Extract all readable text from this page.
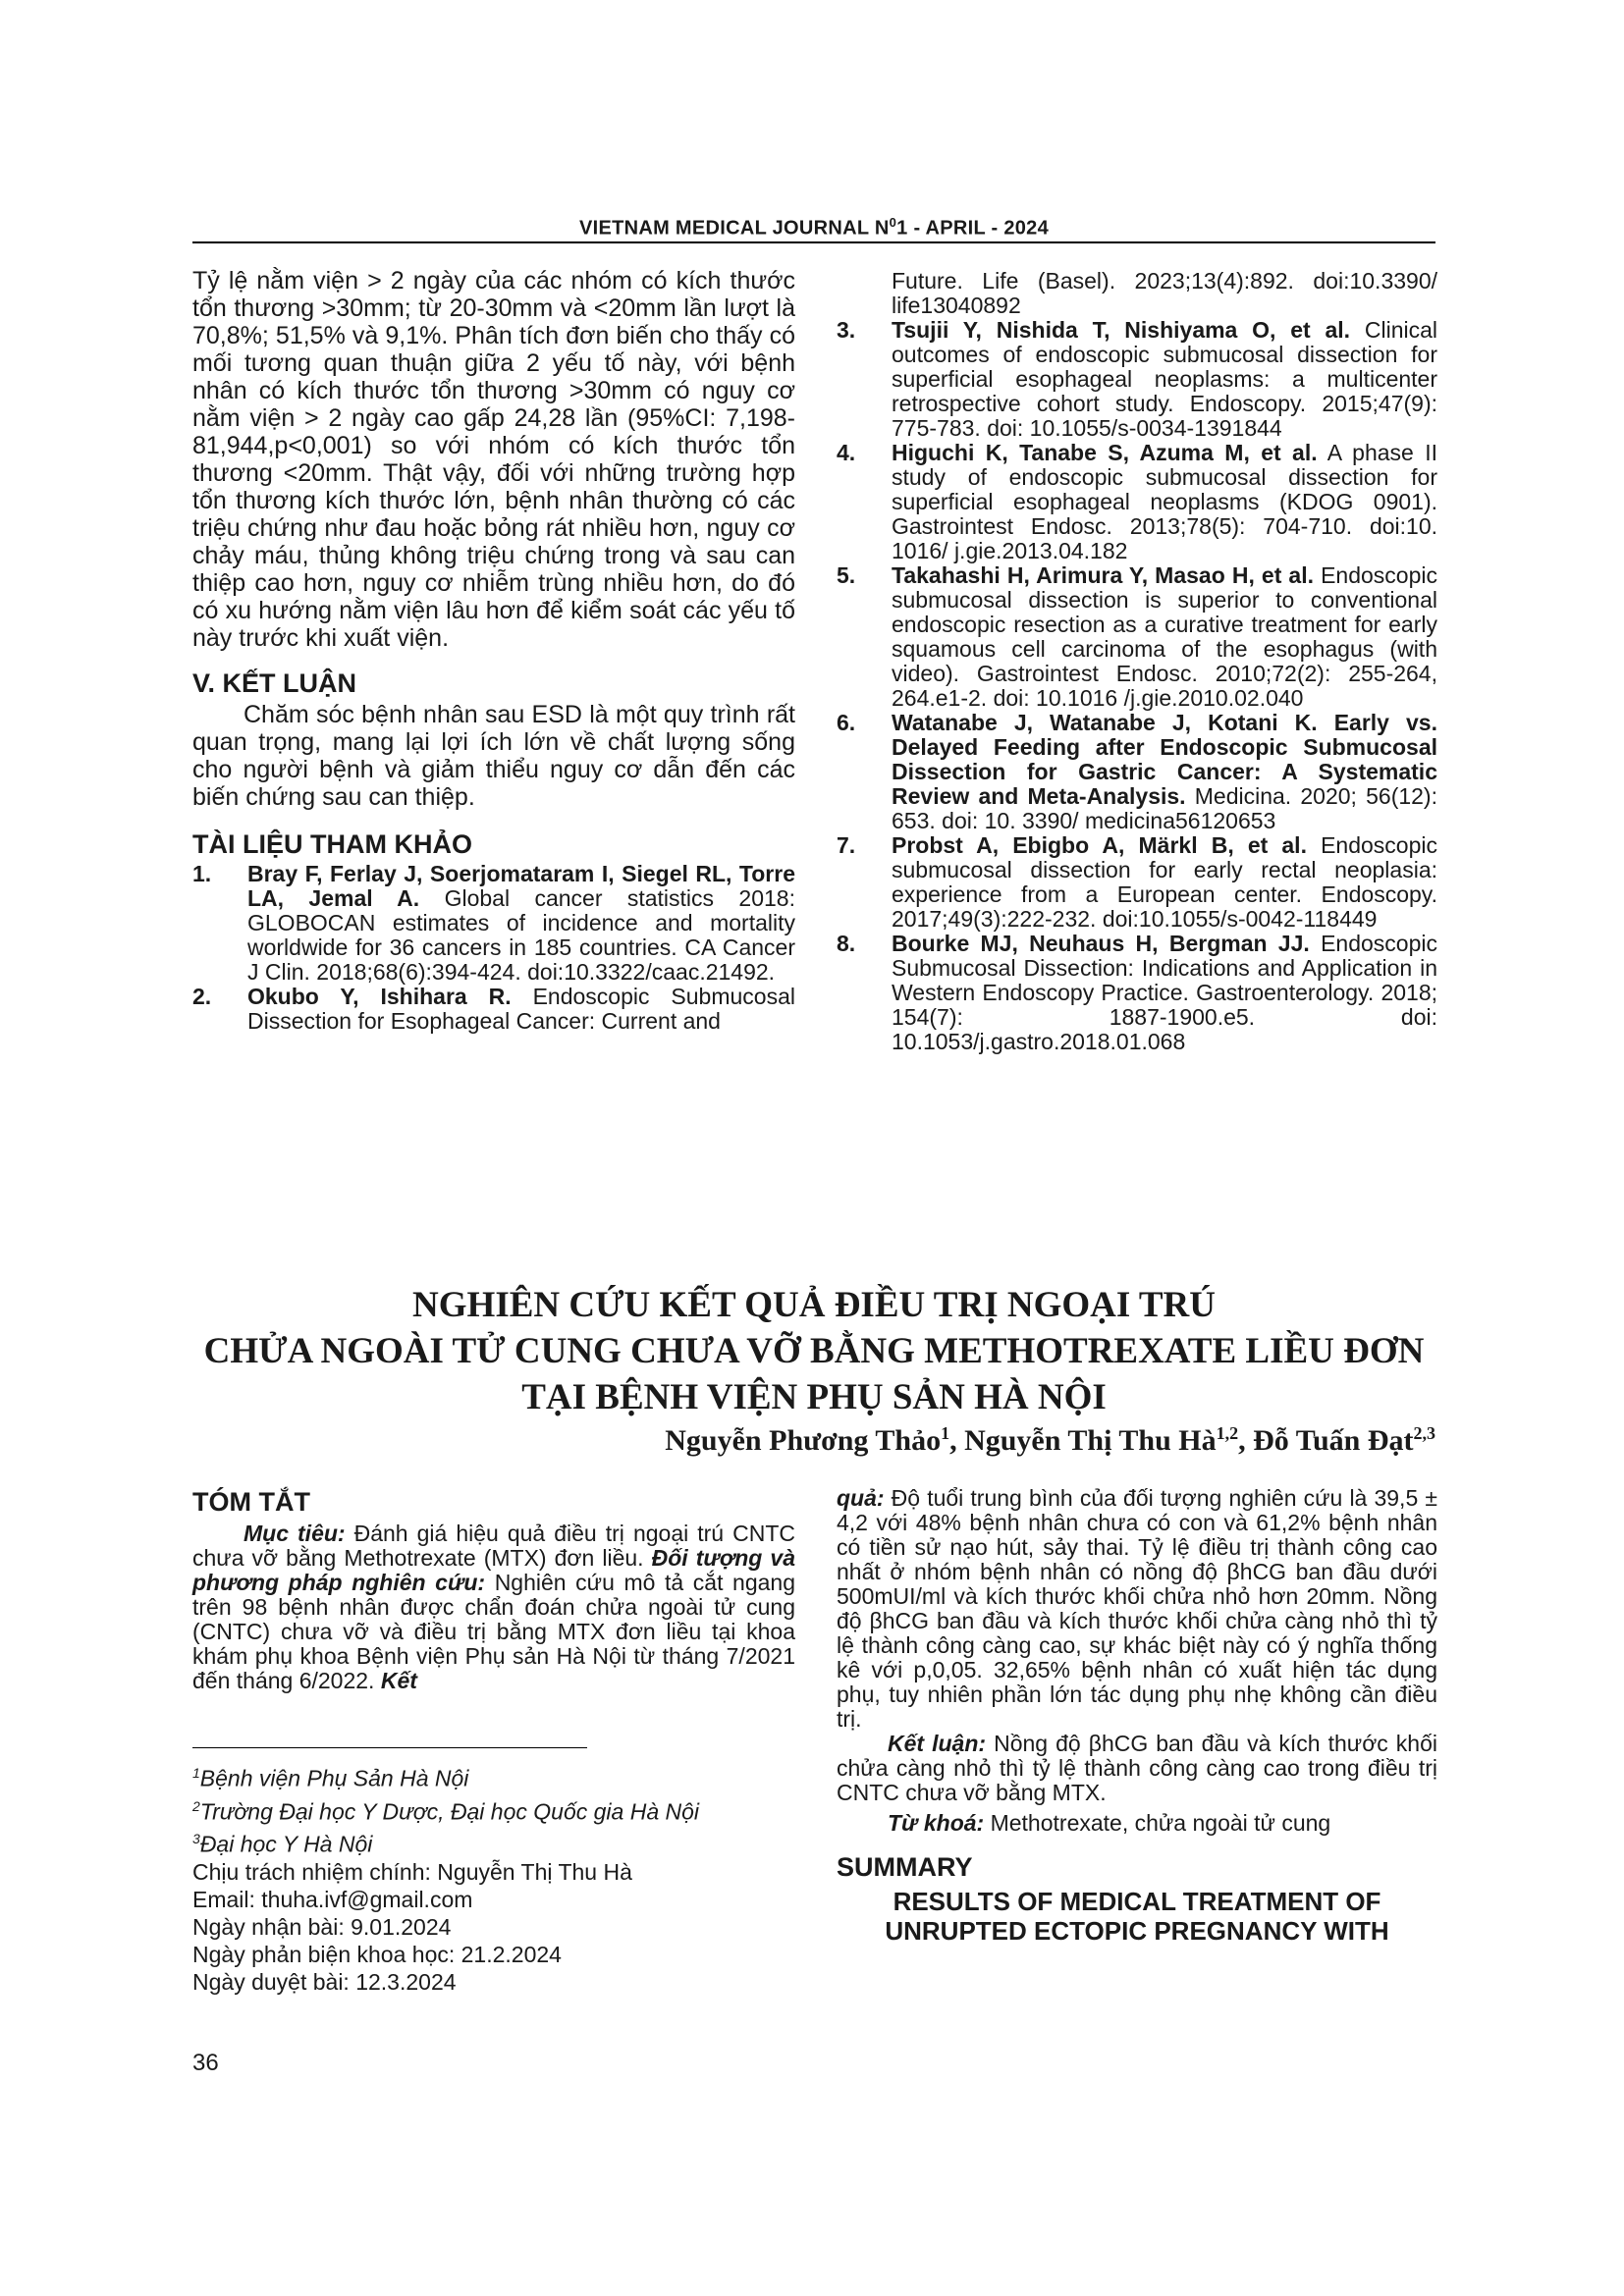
VIETNAM MEDICAL JOURNAL $N^01$ - APRIL - 2024

Tỷ lệ nằm viện > 2 ngày của các nhóm có kích thước tổn thương >30mm; từ 20-30mm và <20mm lần lượt là 70,8%; 51,5% và 9,1%. Phân tích đơn biến cho thấy có mối tương quan thuận giữa 2 yếu tố này, với bệnh nhân có kích thước tổn thương >30mm có nguy cơ nằm viện > 2 ngày cao gấp 24,28 lần (95%CI: 7,198-81,944,p<0,001) so với nhóm có kích thước tổn thương <20mm. Thật vậy, đối với những trường hợp tổn thương kích thước lớn, bệnh nhân thường có các triệu chứng như đau hoặc bỏng rát nhiều hơn, nguy cơ chảy máu, thủng không triệu chứng trong và sau can thiệp cao hơn, nguy cơ nhiễm trùng nhiều hơn, do đó có xu hướng nằm viện lâu hơn để kiểm soát các yếu tố này trước khi xuất viện.

V. KẾT LUẬN

Chăm sóc bệnh nhân sau ESD là một quy trình rất quan trọng, mang lại lợi ích lớn về chất lượng sống cho người bệnh và giảm thiểu nguy cơ dẫn đến các biến chứng sau can thiệp.

TÀI LIỆU THAM KHẢO

1. Bray F, Ferlay J, Soerjomataram I, Siegel RL, Torre LA, Jemal A. Global cancer statistics 2018: GLOBOCAN estimates of incidence and mortality worldwide for 36 cancers in 185 countries. CA Cancer J Clin. 2018;68(6):394-424. doi:10.3322/caac.21492.
2. Okubo Y, Ishihara R. Endoscopic Submucosal Dissection for Esophageal Cancer: Current and
Future. Life (Basel). 2023;13(4):892. doi:10.3390/ life13040892
3. Tsujii Y, Nishida T, Nishiyama O, et al. Clinical outcomes of endoscopic submucosal dissection for superficial esophageal neoplasms: a multicenter retrospective cohort study. Endoscopy. 2015;47(9): 775-783. doi: 10.1055/s-0034-1391844
4. Higuchi K, Tanabe S, Azuma M, et al. A phase II study of endoscopic submucosal dissection for superficial esophageal neoplasms (KDOG 0901). Gastrointest Endosc. 2013;78(5): 704-710. doi:10. 1016/ j.gie.2013.04.182
5. Takahashi H, Arimura Y, Masao H, et al. Endoscopic submucosal dissection is superior to conventional endoscopic resection as a curative treatment for early squamous cell carcinoma of the esophagus (with video). Gastrointest Endosc. 2010;72(2): 255-264, 264.e1-2. doi: 10.1016 /j.gie.2010.02.040
6. Watanabe J, Watanabe J, Kotani K. Early vs. Delayed Feeding after Endoscopic Submucosal Dissection for Gastric Cancer: A Systematic Review and Meta-Analysis. Medicina. 2020; 56(12): 653. doi: 10. 3390/ medicina56120653
7. Probst A, Ebigbo A, Märkl B, et al. Endoscopic submucosal dissection for early rectal neoplasia: experience from a European center. Endoscopy. 2017;49(3):222-232. doi:10.1055/s-0042-118449
8. Bourke MJ, Neuhaus H, Bergman JJ. Endoscopic Submucosal Dissection: Indications and Application in Western Endoscopy Practice. Gastroenterology. 2018; 154(7): 1887-1900.e5. doi: 10.1053/j.gastro.2018.01.068
NGHIÊN CỨU KẾT QUẢ ĐIỀU TRỊ NGOẠI TRÚ
CHỬA NGOÀI TỬ CUNG CHƯA VỠ BẰNG METHOTREXATE LIỀU ĐƠN
TẠI BỆNH VIỆN PHỤ SẢN HÀ NỘI
Nguyễn Phương Thảo$^1$, Nguyễn Thị Thu Hà$^{1,2}$, Đỗ Tuấn Đạt$^{2,3}$

TÓM TẮT

Mục tiêu: Đánh giá hiệu quả điều trị ngoại trú CNTC chưa vỡ bằng Methotrexate (MTX) đơn liều. Đối tượng và phương pháp nghiên cứu: Nghiên cứu mô tả cắt ngang trên 98 bệnh nhân được chẩn đoán chửa ngoài tử cung (CNTC) chưa vỡ và điều trị bằng MTX đơn liều tại khoa khám phụ khoa Bệnh viện Phụ sản Hà Nội từ tháng 7/2021 đến tháng 6/2022. Kết

quả: Độ tuổi trung bình của đối tượng nghiên cứu là 39,5 ± 4,2 với 48% bệnh nhân chưa có con và 61,2% bệnh nhân có tiền sử nạo hút, sảy thai. Tỷ lệ điều trị thành công cao nhất ở nhóm bệnh nhân có nồng độ βhCG ban đầu dưới 500mUI/ml và kích thước khối chửa nhỏ hơn 20mm. Nồng độ βhCG ban đầu và kích thước khối chửa càng nhỏ thì tỷ lệ thành công càng cao, sự khác biệt này có ý nghĩa thống kê với p,0,05. 32,65% bệnh nhân có xuất hiện tác dụng phụ, tuy nhiên phần lớn tác dụng phụ nhẹ không cần điều trị.

Kết luận: Nồng độ βhCG ban đầu và kích thước khối chửa càng nhỏ thì tỷ lệ thành công càng cao trong điều trị CNTC chưa vỡ bằng MTX.

Từ khoá: Methotrexate, chửa ngoài tử cung

SUMMARY

RESULTS OF MEDICAL TREATMENT OF
UNRUPTED ECTOPIC PREGNANCY WITH

$^1$Bệnh viện Phụ Sản Hà Nội
$^2$Trường Đại học Y Dược, Đại học Quốc gia Hà Nội
$^3$Đại học Y Hà Nội
Chịu trách nhiệm chính: Nguyễn Thị Thu Hà
Email: thuha.ivf@gmail.com
Ngày nhận bài: 9.01.2024
Ngày phản biện khoa học: 21.2.2024
Ngày duyệt bài: 12.3.2024
36
